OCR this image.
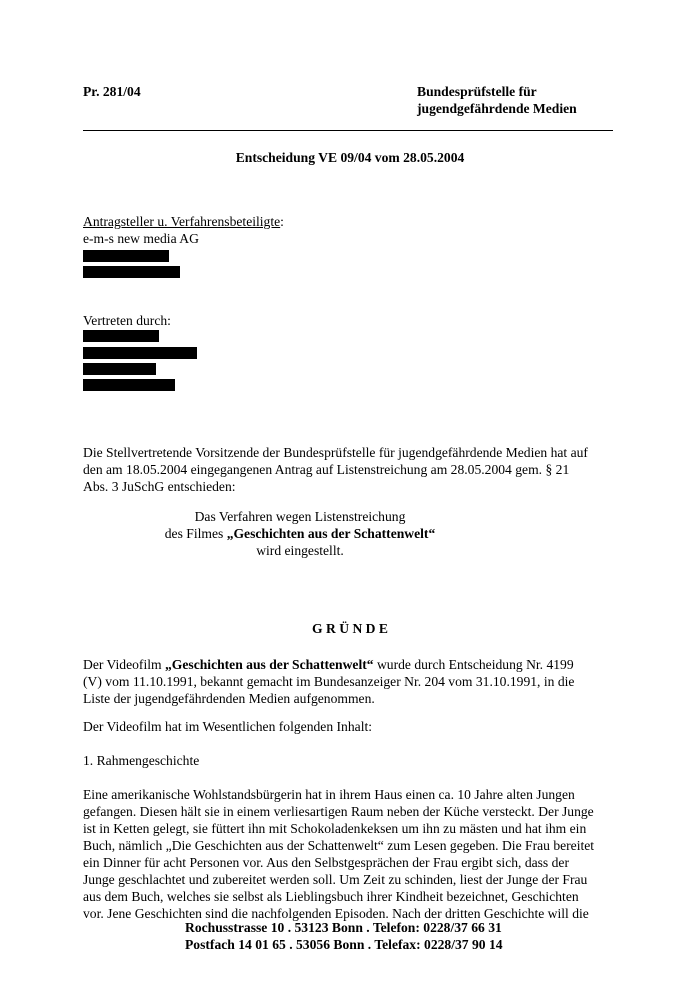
Pr. 281/04	Bundesprüfstelle für
jugendgefährdende Medien
Entscheidung VE 09/04 vom 28.05.2004
Antragsteller u. Verfahrensbeteiligte:
e-m-s new media AG
Vertreten durch:
Die Stellvertretende Vorsitzende der Bundesprüfstelle für jugendgefährdende Medien hat auf
den am 18.05.2004 eingegangenen Antrag auf Listenstreichung am 28.05.2004 gem. § 21
Abs. 3 JuSchG entschieden:
Das Verfahren wegen Listenstreichung
des Filmes „Geschichten aus der Schattenwelt“
wird eingestellt.
G R Ü N D E
Der Videofilm „Geschichten aus der Schattenwelt“ wurde durch Entscheidung Nr. 4199
(V) vom 11.10.1991, bekannt gemacht im Bundesanzeiger Nr. 204 vom 31.10.1991, in die
Liste der jugendgefährdenden Medien aufgenommen.
Der Videofilm hat im Wesentlichen folgenden Inhalt:
1. Rahmengeschichte
Eine amerikanische Wohlstandsbürgerin hat in ihrem Haus einen ca. 10 Jahre alten Jungen
gefangen. Diesen hält sie in einem verliesartigen Raum neben der Küche versteckt. Der Junge
ist in Ketten gelegt, sie füttert ihn mit Schokoladenkeksen um ihn zu mästen und hat ihm ein
Buch, nämlich „Die Geschichten aus der Schattenwelt“ zum Lesen gegeben. Die Frau bereitet
ein Dinner für acht Personen vor. Aus den Selbstgesprächen der Frau ergibt sich, dass der
Junge geschlachtet und zubereitet werden soll. Um Zeit zu schinden, liest der Junge der Frau
aus dem Buch, welches sie selbst als Lieblingsbuch ihrer Kindheit bezeichnet, Geschichten
vor. Jene Geschichten sind die nachfolgenden Episoden. Nach der dritten Geschichte will die
Rochusstrasse 10 . 53123 Bonn . Telefon: 0228/37 66 31
Postfach 14 01 65 . 53056 Bonn . Telefax: 0228/37 90 14
